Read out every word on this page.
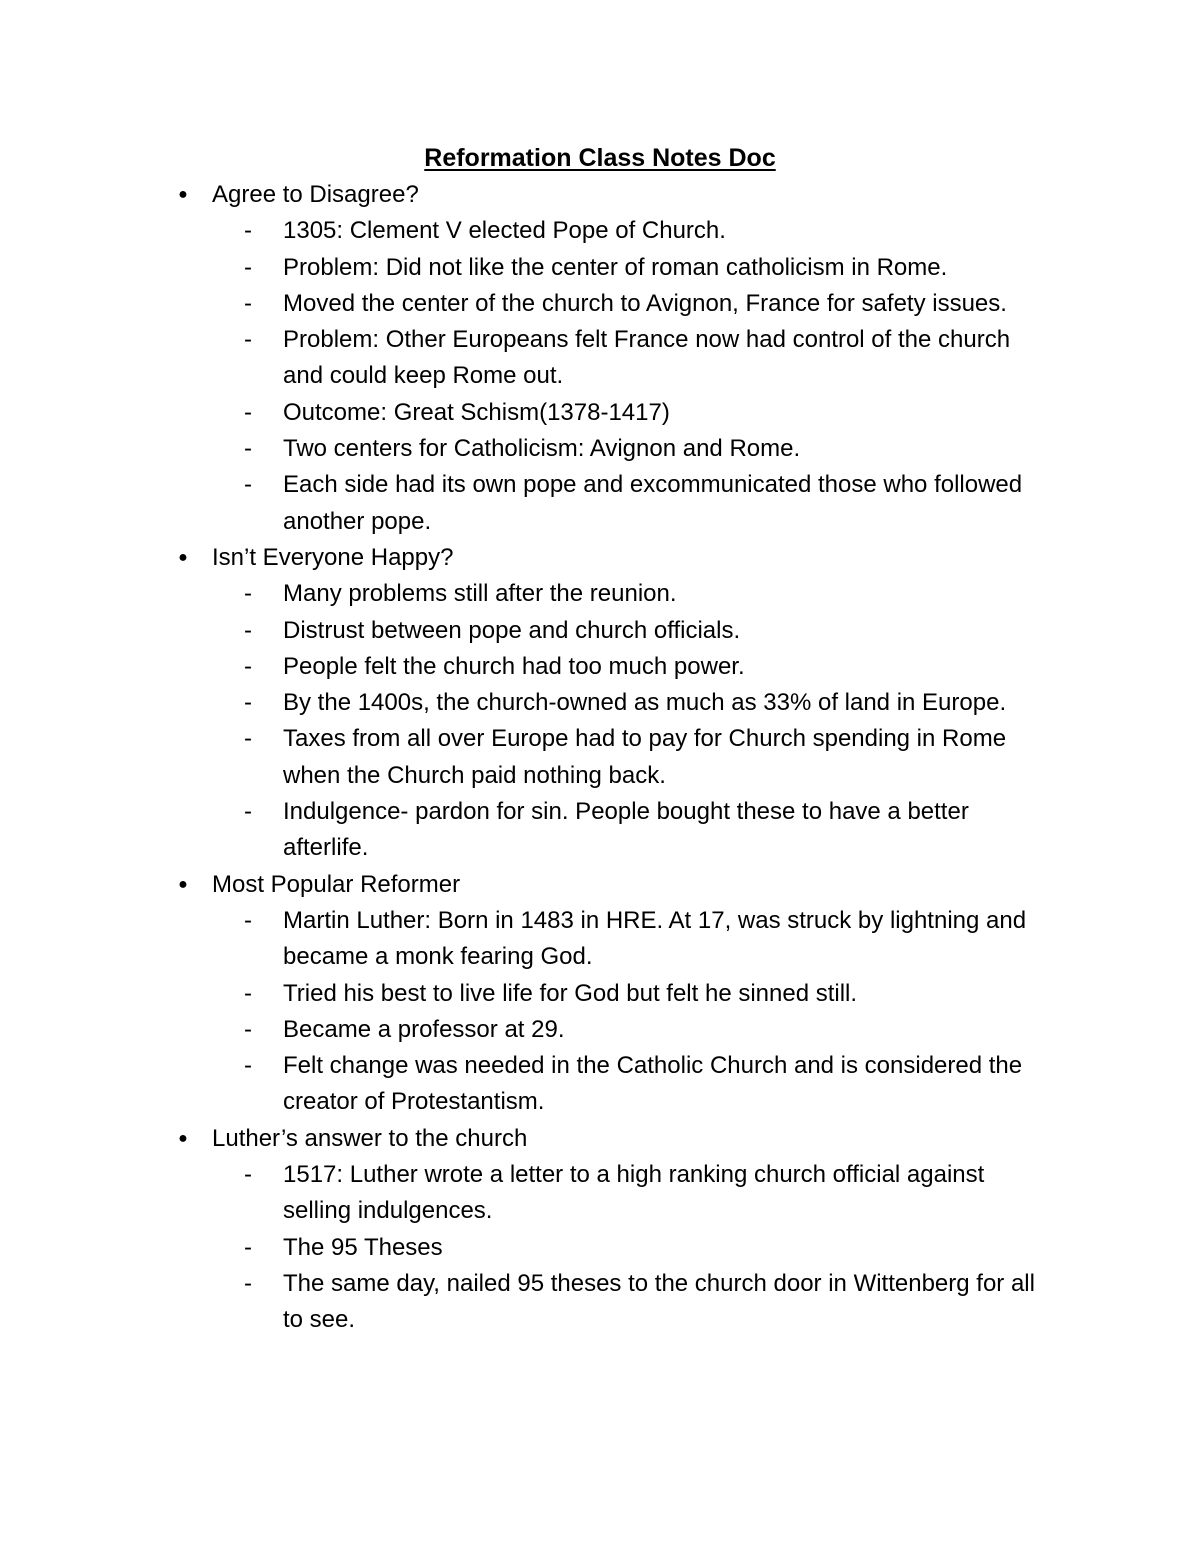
Reformation Class Notes Doc
● Agree to Disagree?
-	1305: Clement V elected Pope of Church.
-	Problem: Did not like the center of roman catholicism in Rome.
-	Moved the center of the church to Avignon, France for safety issues.
-	Problem: Other Europeans felt France now had control of the church and could keep Rome out.
-	Outcome: Great Schism(1378-1417)
-	Two centers for Catholicism: Avignon and Rome.
-	Each side had its own pope and excommunicated those who followed another pope.
● Isn’t Everyone Happy?
-	Many problems still after the reunion.
-	Distrust between pope and church officials.
-	People felt the church had too much power.
-	By the 1400s, the church-owned as much as 33% of land in Europe.
-	Taxes from all over Europe had to pay for Church spending in Rome when the Church paid nothing back.
-	Indulgence- pardon for sin. People bought these to have a better afterlife.
● Most Popular Reformer
-	Martin Luther: Born in 1483 in HRE. At 17, was struck by lightning and became a monk fearing God.
-	Tried his best to live life for God but felt he sinned still.
-	Became a professor at 29.
-	Felt change was needed in the Catholic Church and is considered the creator of Protestantism.
● Luther’s answer to the church
-	1517: Luther wrote a letter to a high ranking church official against selling indulgences.
-	The 95 Theses
-	The same day, nailed 95 theses to the church door in Wittenberg for all to see.
